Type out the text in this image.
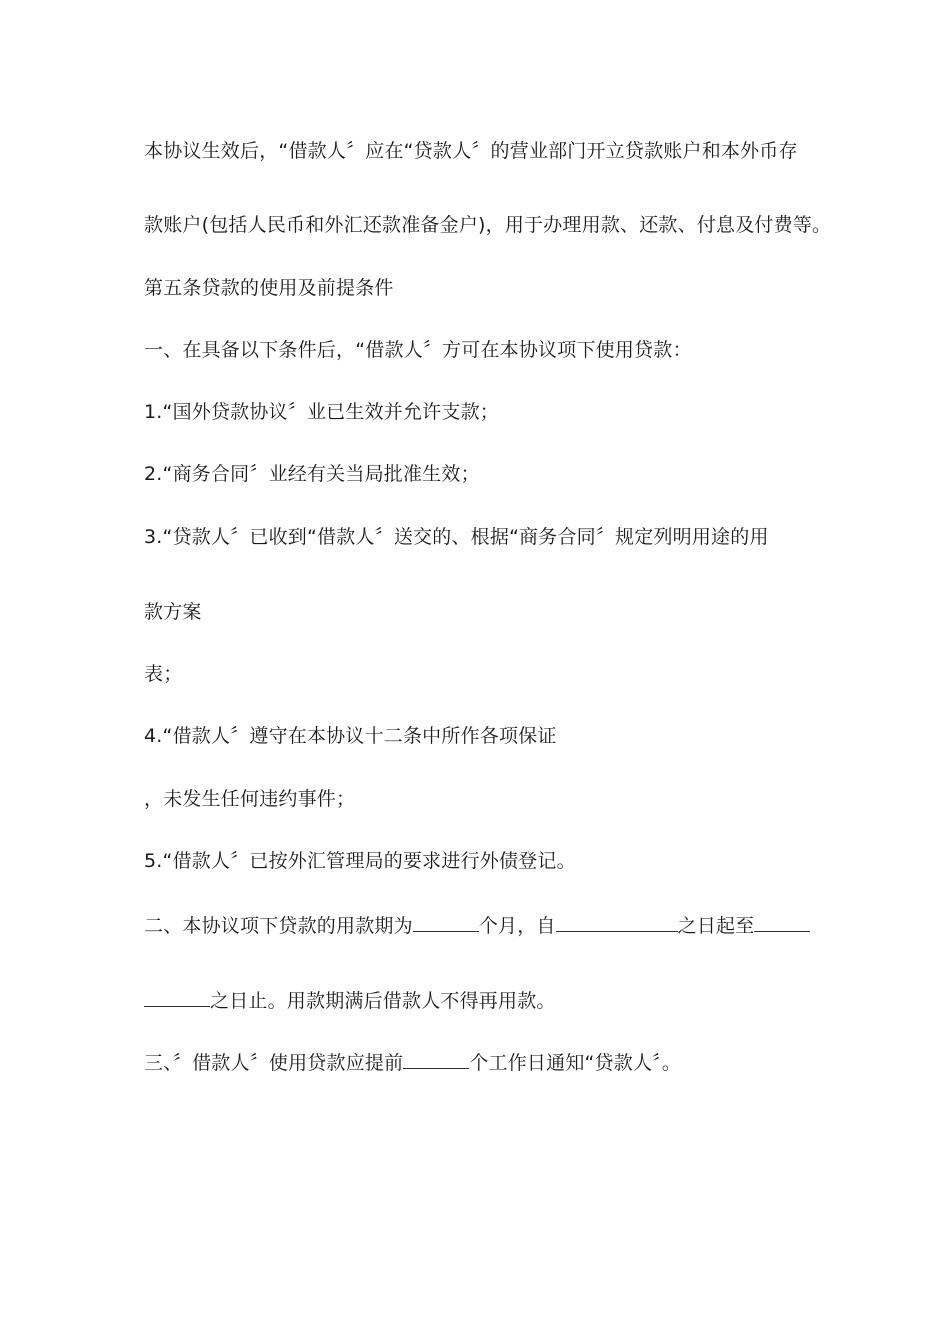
本协议生效后，“借款人〞应在“贷款人〞的营业部门开立贷款账户和本外币存
款账户(包括人民币和外汇还款准备金户)，用于办理用款、还款、付息及付费等。
第五条贷款的使用及前提条件
一、在具备以下条件后，“借款人〞方可在本协议项下使用贷款：
1.“国外贷款协议〞业已生效并允许支款；
2.“商务合同〞业经有关当局批准生效；
3.“贷款人〞已收到“借款人〞送交的、根据“商务合同〞规定列明用途的用
款方案
表；
4.“借款人〞遵守在本协议十二条中所作各项保证
，未发生任何违约事件；
5.“借款人〞已按外汇管理局的要求进行外债登记。
二、本协议项下贷款的用款期为	个月，自	之日起至
之日止。用款期满后借款人不得再用款。
三、〞借款人〞使用贷款应提前	个工作日通知“贷款人〞。
